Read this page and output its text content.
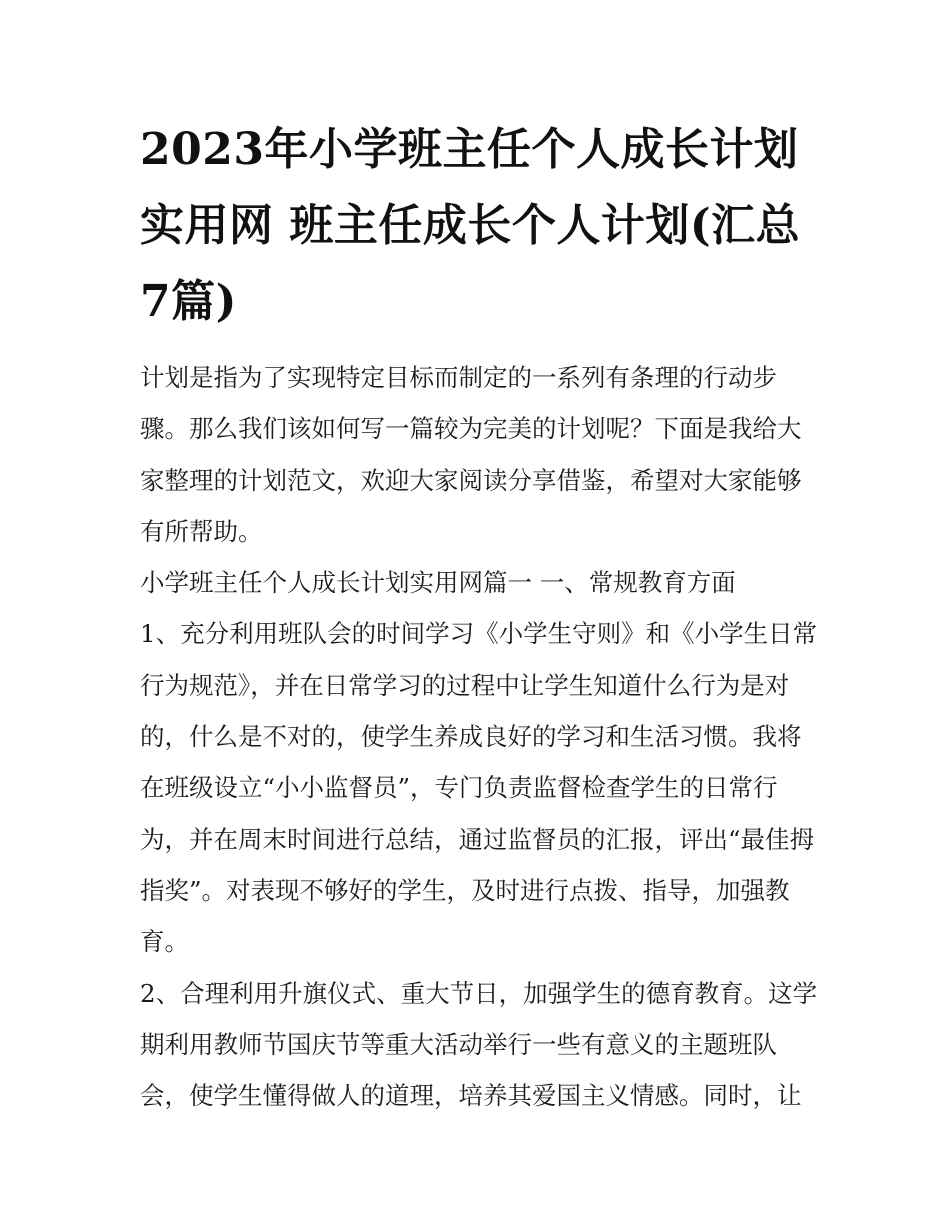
2023年小学班主任个人成长计划实用网 班主任成长个人计划(汇总7篇)

计划是指为了实现特定目标而制定的一系列有条理的行动步骤。那么我们该如何写一篇较为完美的计划呢？下面是我给大家整理的计划范文，欢迎大家阅读分享借鉴，希望对大家能够有所帮助。

小学班主任个人成长计划实用网篇一 一、常规教育方面

1、充分利用班队会的时间学习《小学生守则》和《小学生日常行为规范》，并在日常学习的过程中让学生知道什么行为是对的，什么是不对的，使学生养成良好的学习和生活习惯。我将在班级设立“小小监督员”，专门负责监督检查学生的日常行为，并在周末时间进行总结，通过监督员的汇报，评出“最佳拇指奖”。对表现不够好的学生，及时进行点拨、指导，加强教育。

2、合理利用升旗仪式、重大节日，加强学生的德育教育。这学期利用教师节国庆节等重大活动举行一些有意义的主题班队会，使学生懂得做人的道理，培养其爱国主义情感。同时，让
